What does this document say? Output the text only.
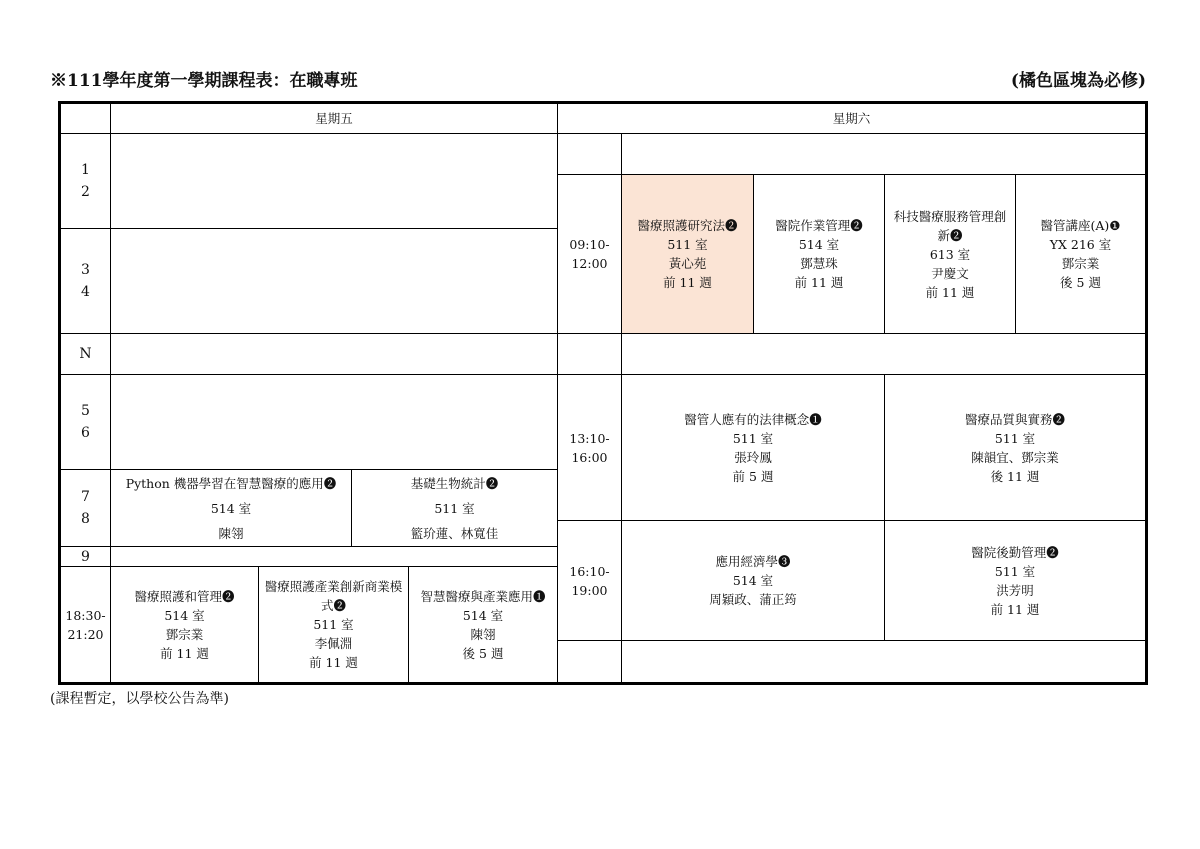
※111學年度第一學期課程表：在職專班	(橘色區塊為必修)
星期五	星期六
1
2
3
4
N
5
6
7
8
9
18:30-
21:20
Python 機器學習在智慧醫療的應用❷
514 室
陳翎
基礎生物統計❷
511 室
籃玠蓮、林寬佳
醫療照護和管理❷
514 室
鄧宗業
前 11 週
醫療照護產業創新商業模式❷
511 室
李佩淵
前 11 週
智慧醫療與產業應用❶
514 室
陳翎
後 5 週
09:10-
12:00
醫療照護研究法❷
511 室
黃心苑
前 11 週
醫院作業管理❷
514 室
鄧慧珠
前 11 週
科技醫療服務管理創新❷
613 室
尹慶文
前 11 週
醫管講座(A)❶
YX 216 室
鄧宗業
後 5 週
13:10-
16:00
醫管人應有的法律概念❶
511 室
張玲鳳
前 5 週
醫療品質與實務❷
511 室
陳韻宜、鄧宗業
後 11 週
16:10-
19:00
應用經濟學❸
514 室
周穎政、蒲正筠
醫院後勤管理❷
511 室
洪芳明
前 11 週
(課程暫定，以學校公告為準)
